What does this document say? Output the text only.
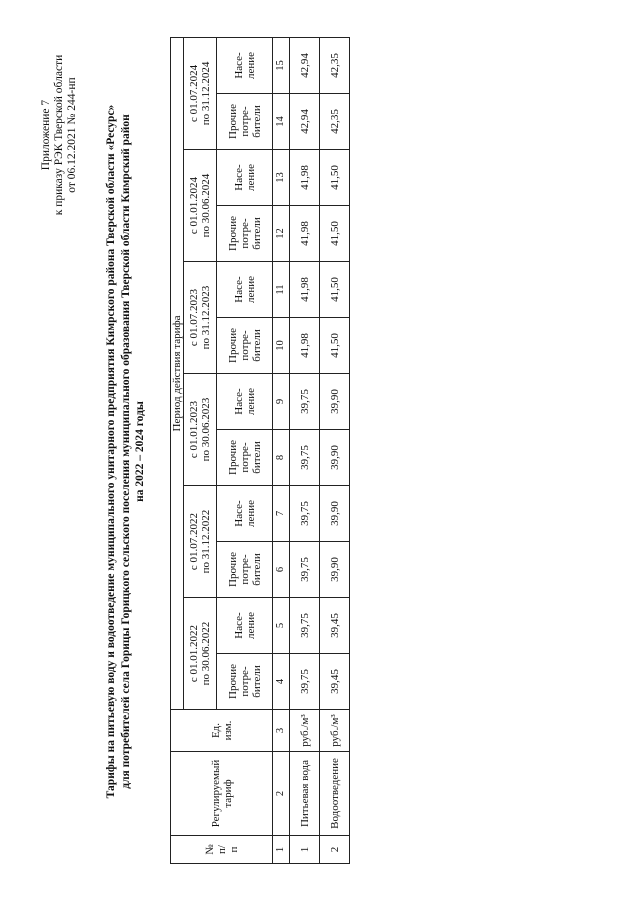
Приложение 7 к приказу РЭК Тверской области от 06.12.2021 № 244-нп Тарифы на питьевую воду и водоотведение муниципального унитарного предприятия Кимрского района Тверской области «Ресурс» для потребителей села Горицы Горицкого сельского поселения муниципального образования Тверской области Кимрский район на 2022 – 2024 годы
№ п/ п	Регулируемый тариф	Ед. изм.	Период действия тарифа											

			с 01.01.2022 по 30.06.2022		с 01.07.2022 по 31.12.2022		с 01.01.2023 по 30.06.2023		с 01.07.2023 по 31.12.2023		с 01.01.2024 по 30.06.2024		с 01.07.2024 по 31.12.2024	

			Прочие потре- бители	Насе- ление	Прочие потре- бители	Насе- ление	Прочие потре- бители	Насе- ление	Прочие потре- бители	Насе- ление	Прочие потре- бители	Насе- ление	Прочие потре- бители	Насе- ление

1	2	3	4	5	6	7	8	9	10	11	12	13	14	15
1	Питьевая вода	руб./м³	39,75	39,75	39,75	39,75	39,75	39,75	41,98	41,98	41,98	41,98	42,94	42,94
2	Водоотведение	руб./м³	39,45	39,45	39,90	39,90	39,90	39,90	41,50	41,50	41,50	41,50	42,35	42,35
